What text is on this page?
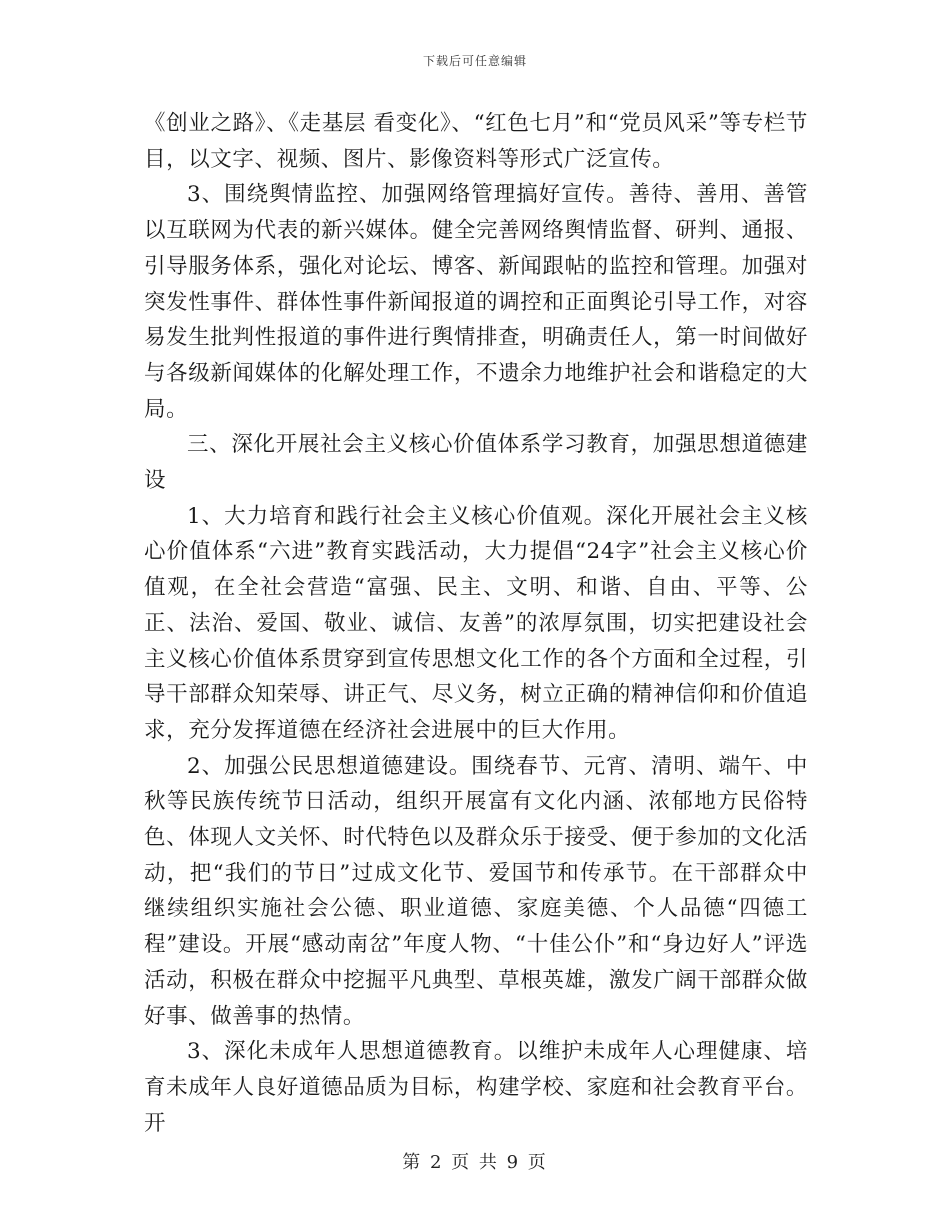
下载后可任意编辑

《创业之路》、《走基层 看变化》、“红色七月”和“党员风采”等专栏节目，以文字、视频、图片、影像资料等形式广泛宣传。

3、围绕舆情监控、加强网络管理搞好宣传。善待、善用、善管以互联网为代表的新兴媒体。健全完善网络舆情监督、研判、通报、引导服务体系，强化对论坛、博客、新闻跟帖的监控和管理。加强对突发性事件、群体性事件新闻报道的调控和正面舆论引导工作，对容易发生批判性报道的事件进行舆情排查，明确责任人，第一时间做好与各级新闻媒体的化解处理工作，不遗余力地维护社会和谐稳定的大局。

三、深化开展社会主义核心价值体系学习教育，加强思想道德建设

1、大力培育和践行社会主义核心价值观。深化开展社会主义核心价值体系“六进”教育实践活动，大力提倡“24字”社会主义核心价值观，在全社会营造“富强、民主、文明、和谐、自由、平等、公正、法治、爱国、敬业、诚信、友善”的浓厚氛围，切实把建设社会主义核心价值体系贯穿到宣传思想文化工作的各个方面和全过程，引导干部群众知荣辱、讲正气、尽义务，树立正确的精神信仰和价值追求，充分发挥道德在经济社会进展中的巨大作用。

2、加强公民思想道德建设。围绕春节、元宵、清明、端午、中秋等民族传统节日活动，组织开展富有文化内涵、浓郁地方民俗特色、体现人文关怀、时代特色以及群众乐于接受、便于参加的文化活动，把“我们的节日”过成文化节、爱国节和传承节。在干部群众中继续组织实施社会公德、职业道德、家庭美德、个人品德“四德工程”建设。开展“感动南岔”年度人物、“十佳公仆”和“身边好人”评选活动，积极在群众中挖掘平凡典型、草根英雄，激发广阔干部群众做好事、做善事的热情。

3、深化未成年人思想道德教育。以维护未成年人心理健康、培育未成年人良好道德品质为目标，构建学校、家庭和社会教育平台。开

第 2 页 共 9 页
